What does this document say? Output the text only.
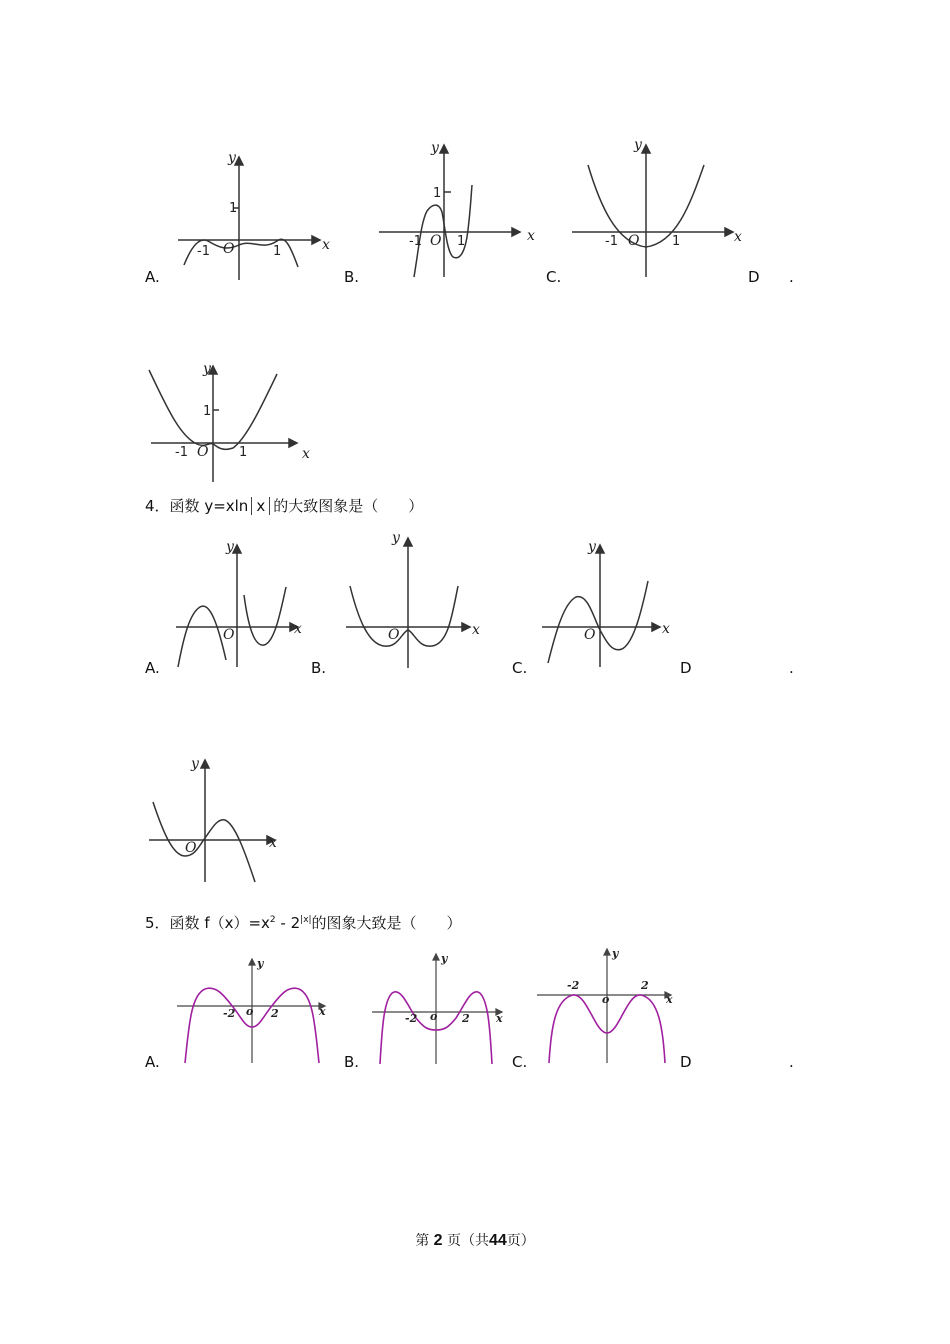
A.	B.	C.	D .
y
x
1
-1 O	1
y
x
1
-1 O 1
y
x
-1 O	1
y
x
1
-1 O 1
4．函数 y=xln x 的大致图象是（　　）
A.	B.	C.	D	.
y
x
O
y
x
O
y
x
O
y
x
O
5．函数 $f(x)=x^2 - 2^{|x|}$的图象大致是（　　）
A.	B.	C.	D	.
y
x
-2 o 2
y
x
-2 o 2
y
x
-2
o
2
第 2 页（共44页）
